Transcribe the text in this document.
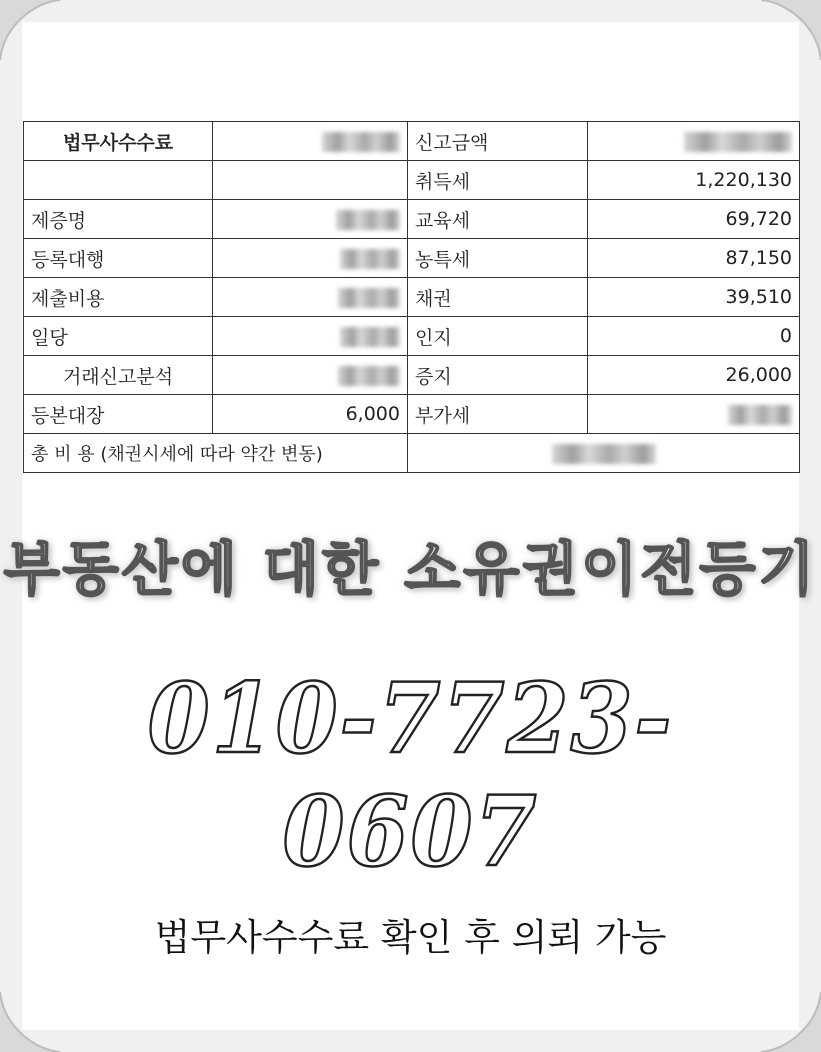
법무사수수료		신고금액	
		취득세	1,220,130
제증명		교육세	69,720
등록대행		농특세	87,150
제출비용		채권	39,510
일당		인지	0
거래신고분석		증지	26,000
등본대장	6,000	부가세	
총 비 용 (채권시세에 따라 약간 변동)			
부동산에 대한 소유권이전등기
010-7723-0607
법무사수수료 확인 후 의뢰 가능
